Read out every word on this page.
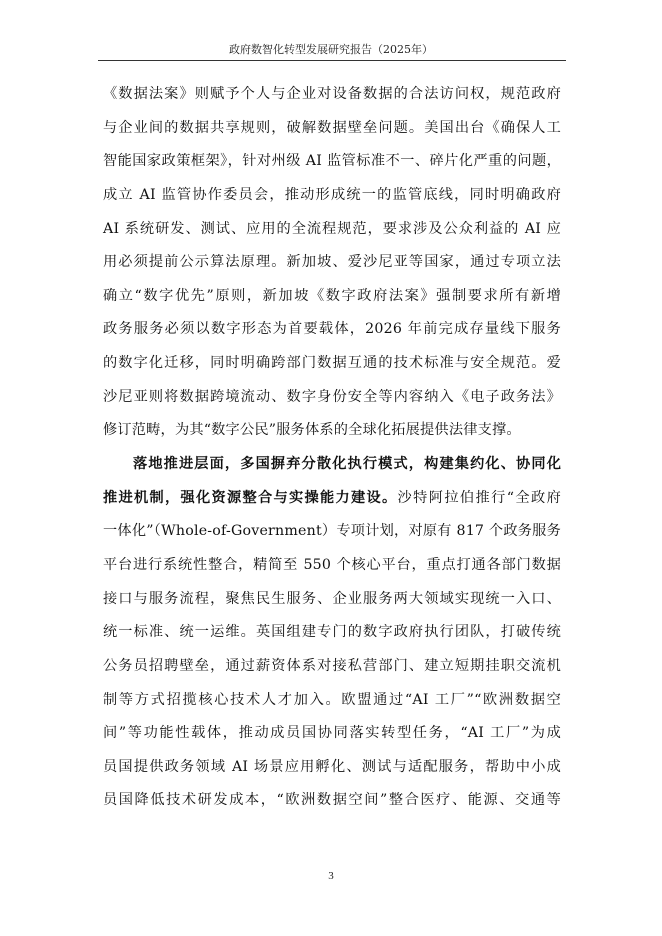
政府数智化转型发展研究报告（2025年）
《数据法案》则赋予个人与企业对设备数据的合法访问权，规范政府
与企业间的数据共享规则，破解数据壁垒问题。美国出台《确保人工
智能国家政策框架》，针对州级 AI 监管标准不一、碎片化严重的问题，
成立 AI 监管协作委员会，推动形成统一的监管底线，同时明确政府
AI 系统研发、测试、应用的全流程规范，要求涉及公众利益的 AI 应
用必须提前公示算法原理。新加坡、爱沙尼亚等国家，通过专项立法
确立“数字优先”原则，新加坡《数字政府法案》强制要求所有新增
政务服务必须以数字形态为首要载体，2026 年前完成存量线下服务
的数字化迁移，同时明确跨部门数据互通的技术标准与安全规范。爱
沙尼亚则将数据跨境流动、数字身份安全等内容纳入《电子政务法》
修订范畴，为其“数字公民”服务体系的全球化拓展提供法律支撑。
落地推进层面，多国摒弃分散化执行模式，构建集约化、协同化
推进机制，强化资源整合与实操能力建设。沙特阿拉伯推行“全政府
一体化”（Whole-of-Government）专项计划，对原有 817 个政务服务
平台进行系统性整合，精简至 550 个核心平台，重点打通各部门数据
接口与服务流程，聚焦民生服务、企业服务两大领域实现统一入口、
统一标准、统一运维。英国组建专门的数字政府执行团队，打破传统
公务员招聘壁垒，通过薪资体系对接私营部门、建立短期挂职交流机
制等方式招揽核心技术人才加入。欧盟通过“AI 工厂”“欧洲数据空
间”等功能性载体，推动成员国协同落实转型任务，“AI 工厂”为成
员国提供政务领域 AI 场景应用孵化、测试与适配服务，帮助中小成
员国降低技术研发成本，“欧洲数据空间”整合医疗、能源、交通等
3
